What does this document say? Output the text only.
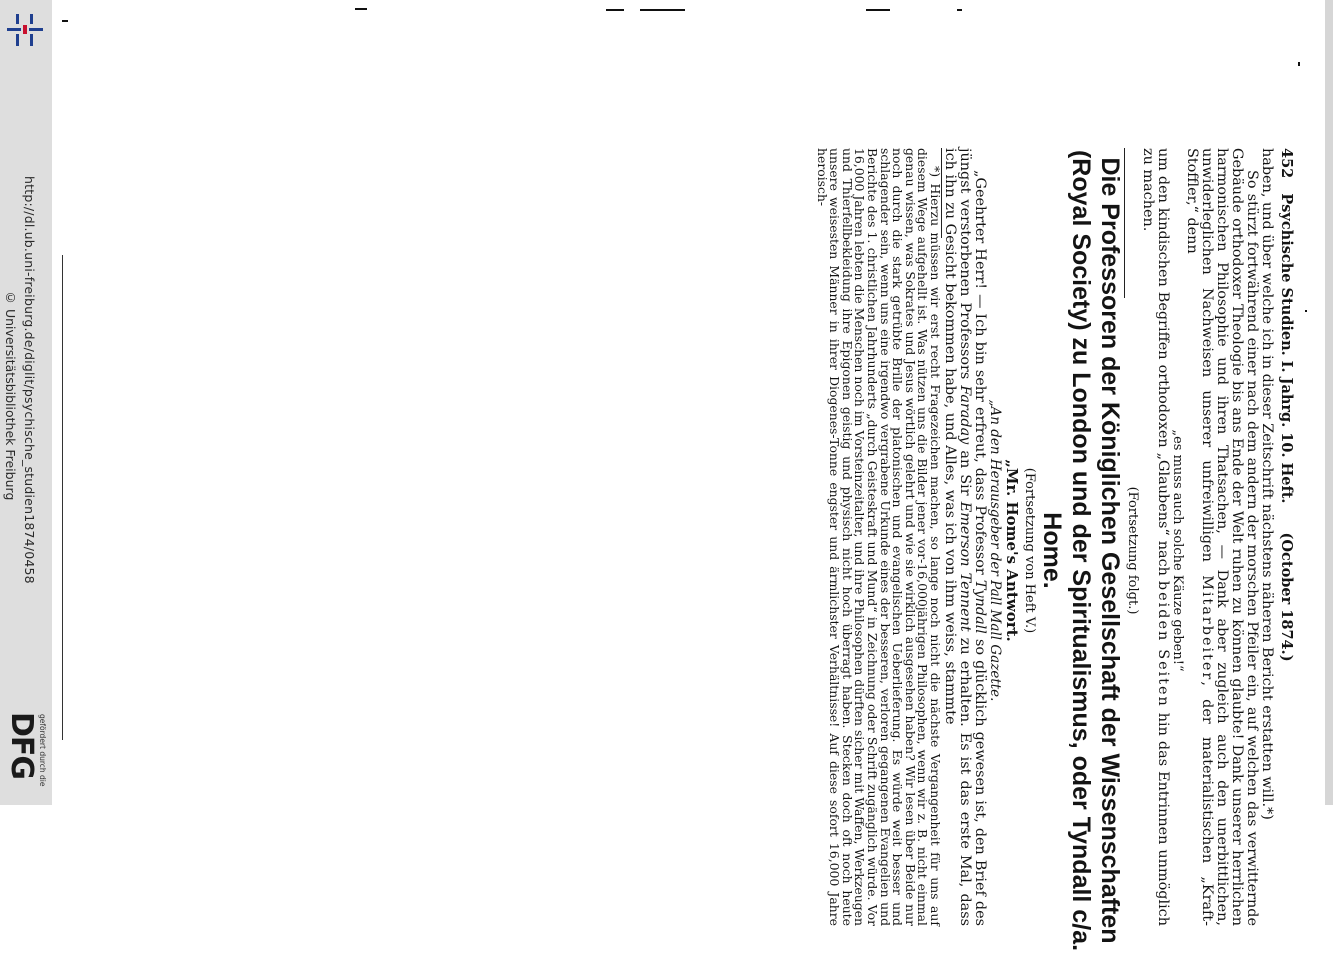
http://dl.ub.uni-freiburg.de/diglit/psychische_studien1874/0458
© Universitätsbibliothek Freiburg
DFG gefördert durch die
452 Psychische Studien. I. Jahrg. 10. Heft. (October 1874.)

haben, und über welche ich in dieser Zeitschrift nächstens näheren Bericht erstatten will.*)

So stürzt fortwährend einer nach dem andern der morschen Pfeiler ein, auf welchen das verwitternde Gebäude orthodoxer Theologie bis ans Ende der Welt ruhen zu können glaubte! Dank unserer herrlichen harmonischen Philosophie und ihren Thatsachen, — Dank aber zugleich auch den unerbittlichen, unwiderleglichen Nachweisen unserer unfreiwilligen Mitarbeiter, der materialistischen „Kraft-Stoffler,“ denn

„es muss auch solche Käuze geben!“

um den kindischen Begriffen orthodoxen „Glaubens“ nach beiden Seiten hin das Entrinnen unmöglich zu machen.

(Fortsetzung folgt.)

Die Professoren der Königlichen Gesellschaft der Wissenschaften (Royal Society) zu London und der Spiritualismus, oder Tyndall c/a. Home.

(Fortsetzung von Heft V.)

„Mr. Home's Antwort.

„An den Herausgeber der Pall Mall Gazette.

„Geehrter Herr! — Ich bin sehr erfreut, dass Professor Tyndall so glücklich gewesen ist, den Brief des jüngst verstorbenen Professors Faraday an Sir Emerson Tennent zu erhalten. Es ist das erste Mal, dass ich ihn zu Gesicht bekommen habe, und Alles, was ich von ihm weiss, stammte

*) Hierzu müssen wir erst recht Fragezeichen machen, so lange noch nicht die nächste Vergangenheit für uns auf diesem Wege aufgehellt ist. Was nützen uns die Bilder jener vor-16,000jährigen Philosophen, wenn wir z. B. nicht einmal genau wissen, was Sokrates und Jesus wörtlich gelehrt und wie sie wirklich ausgesehen haben? Wir lesen über Beide nur noch durch die stark getrübte Brille der platonischen und evangelischen Ueberlieferung. Es würde weit besser und schlagender sein, wenn uns eine irgendwo vergrabene Urkunde eines der besseren, verloren gegangenen Evangelien und Berichte des 1. christlichen Jahrhunderts „durch Geisteskraft und Mund“ in Zeichnung oder Schrift zugänglich würde. Vor 16,000 Jahren lebten die Menschen noch im Vorsteinzeitalter, und ihre Philosophen dürften sicher mit Waffen, Werkzeugen und Thierfellbekleidung ihre Epigonen geistig und physisch nicht hoch überragt haben. Stecken doch oft noch heute unsere weisesten Männer in ihrer Diogenes-Tonne engster und ärmlichster Verhältnisse! Auf diese sofort 16,000 Jahre heroisch-
